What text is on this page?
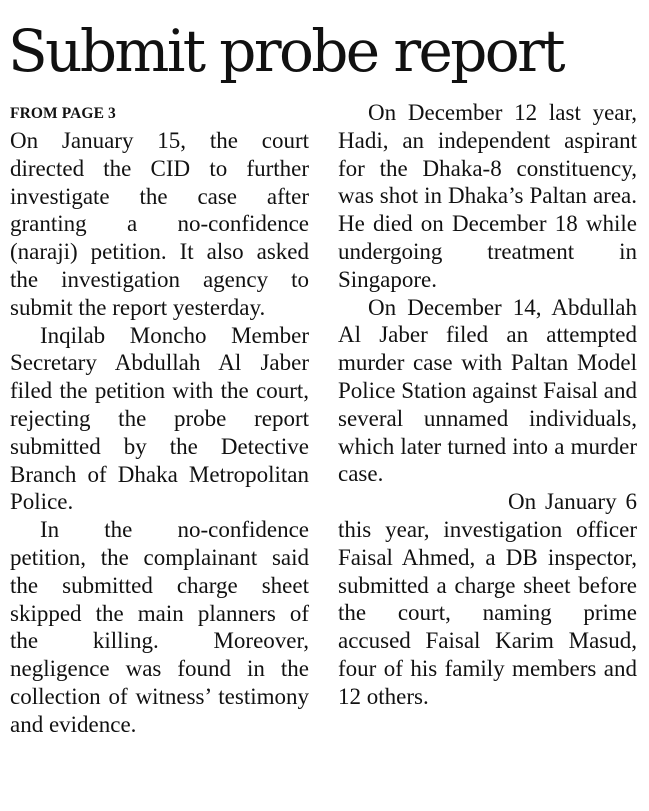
Submit probe report
FROM PAGE 3

On January 15, the court directed the CID to further investigate the case after granting a no-confidence (naraji) petition. It also asked the investigation agency to submit the report yesterday.

Inqilab Moncho Member Secretary Abdullah Al Jaber filed the petition with the court, rejecting the probe report submitted by the Detective Branch of Dhaka Metropolitan Police.

In the no-confidence petition, the complainant said the submitted charge sheet skipped the main planners of the killing. Moreover, negligence was found in the collection of witness’ testimony and evidence.

On December 12 last year, Hadi, an independent aspirant for the Dhaka-8 constituency, was shot in Dhaka’s Paltan area. He died on December 18 while undergoing treatment in Singapore.

On December 14, Abdullah Al Jaber filed an attempted murder case with Paltan Model Police Station against Faisal and several unnamed individuals, which later turned into a murder case.

On January 6 this year, investigation officer Faisal Ahmed, a DB inspector, submitted a charge sheet before the court, naming prime accused Faisal Karim Masud, four of his family members and 12 others.
